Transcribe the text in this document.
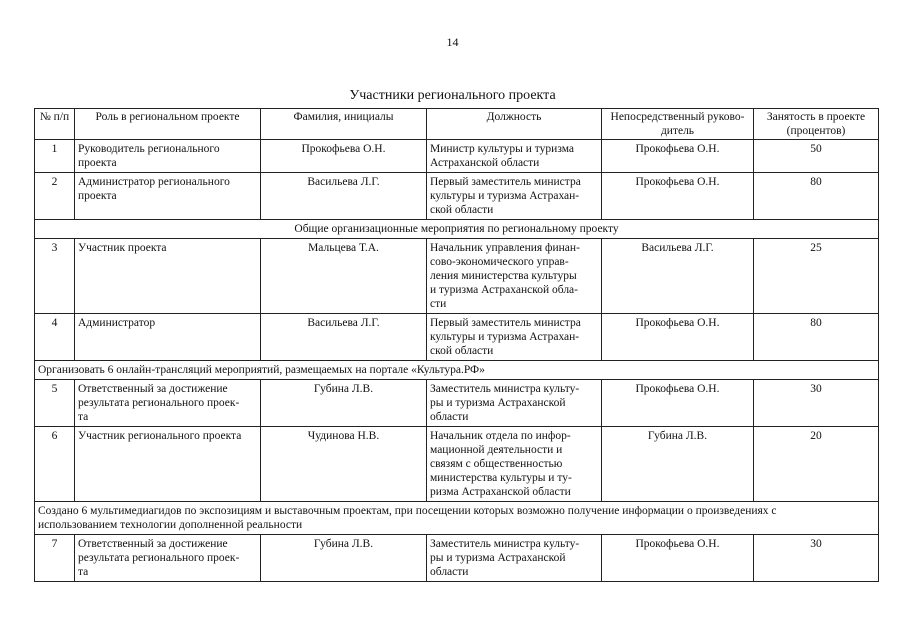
14
Участники регионального проекта
№ п/п	Роль в региональном проекте	Фамилия, инициалы	Должность	Непосредственный руково-
дитель	Занятость в проекте
(процентов)
1	Руководитель регионального
проекта	Прокофьева О.Н.	Министр культуры и туризма
Астраханской области	Прокофьева О.Н.	50
2	Администратор регионального
проекта	Васильева Л.Г.	Первый заместитель министра
культуры и туризма Астрахан-
ской области	Прокофьева О.Н.	80
Общие организационные мероприятия по региональному проекту					
3	Участник проекта	Мальцева Т.А.	Начальник управления финан-
сово-экономического управ-
ления министерства культуры
и туризма Астраханской обла-
сти	Васильева Л.Г.	25
4	Администратор	Васильева Л.Г.	Первый заместитель министра
культуры и туризма Астрахан-
ской области	Прокофьева О.Н.	80
Организовать 6 онлайн-трансляций мероприятий, размещаемых на портале «Культура.РФ»					
5	Ответственный за достижение
результата регионального проек-
та	Губина Л.В.	Заместитель министра культу-
ры и туризма Астраханской
области	Прокофьева О.Н.	30
6	Участник регионального проекта	Чудинова Н.В.	Начальник отдела по инфор-
мационной деятельности и
связям с общественностью
министерства культуры и ту-
ризма Астраханской области	Губина Л.В.	20
Создано 6 мультимедиагидов по экспозициям и выставочным проектам, при посещении которых возможно получение информации о произведениях с
использованием технологии дополненной реальности					
7	Ответственный за достижение
результата регионального проек-
та	Губина Л.В.	Заместитель министра культу-
ры и туризма Астраханской
области	Прокофьева О.Н.	30
